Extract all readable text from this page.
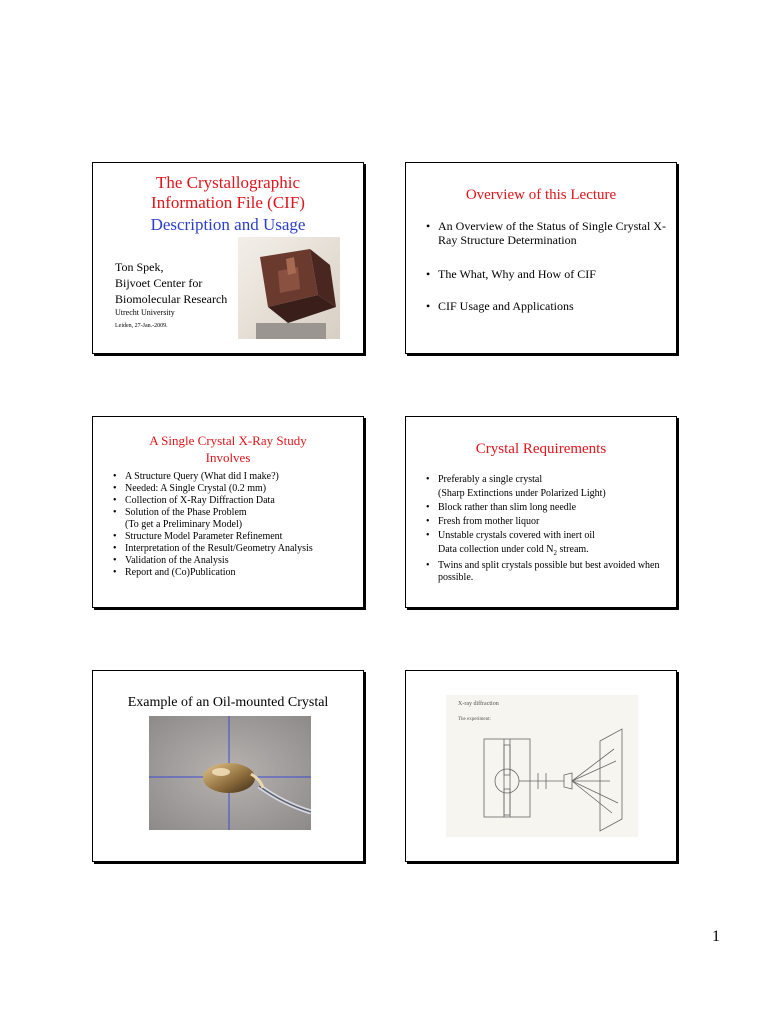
The Crystallographic
Information File (CIF)
Description and Usage
Ton Spek,
Bijvoet Center for
Biomolecular Research
Utrecht University
Leiden, 27-Jan.-2009.
Overview of this Lecture
• An Overview of the Status of Single Crystal X-Ray Structure Determination
• The What, Why and How of CIF
• CIF Usage and Applications
A Single Crystal X-Ray Study
Involves
• A Structure Query (What did I make?)
• Needed: A Single Crystal (0.2 mm)
• Collection of X-Ray Diffraction Data
• Solution of the Phase Problem
(To get a Preliminary Model)
• Structure Model Parameter Refinement
• Interpretation of the Result/Geometry Analysis
• Validation of the Analysis
• Report and (Co)Publication
Crystal Requirements
• Preferably a single crystal
(Sharp Extinctions under Polarized Light)
• Block rather than slim long needle
• Fresh from mother liquor
• Unstable crystals covered with inert oil
Data collection under cold $N_2$ stream.
• Twins and split crystals possible but best avoided when possible.
Example of an Oil-mounted Crystal	X-ray diffraction
The experiment:
1
